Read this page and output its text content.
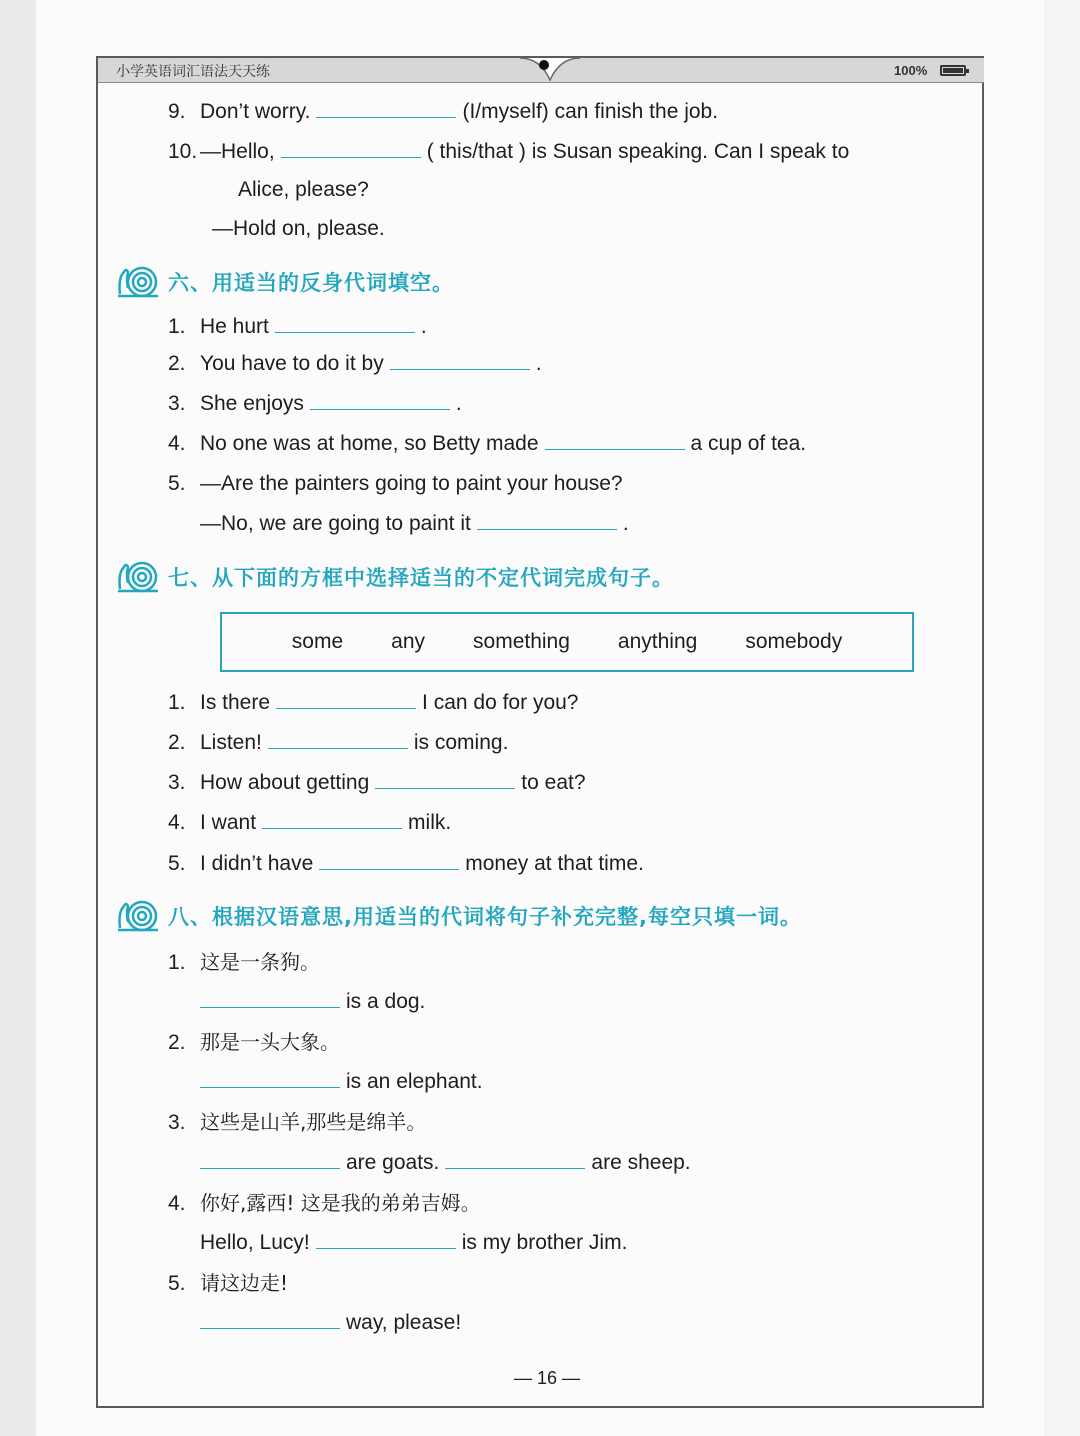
小学英语词汇语法天天练	100%
9. Don’t worry.	(I/myself) can finish the job.
10. —Hello,	( this/that ) is Susan speaking. Can I speak to
Alice, please?
—Hold on, please.
六、用适当的反身代词填空。
1. He hurt	.
2. You have to do it by	.
3. She enjoys	.
4. No one was at home, so Betty made	a cup of tea.
5. —Are the painters going to paint your house?
—No, we are going to paint it	.
七、从下面的方框中选择适当的不定代词完成句子。
some any something anything somebody
1. Is there	I can do for you?
2. Listen!	is coming.
3. How about getting	to eat?
4. I want	milk.
5. I didn’t have	money at that time.
八、根据汉语意思,用适当的代词将句子补充完整,每空只填一词。
1. 这是一条狗。
is a dog.
2. 那是一头大象。
is an elephant.
3. 这些是山羊,那些是绵羊。
are goats.	are sheep.
4. 你好,露西! 这是我的弟弟吉姆。
Hello, Lucy!	is my brother Jim.
5. 请这边走!
way, please!
— 16 —
